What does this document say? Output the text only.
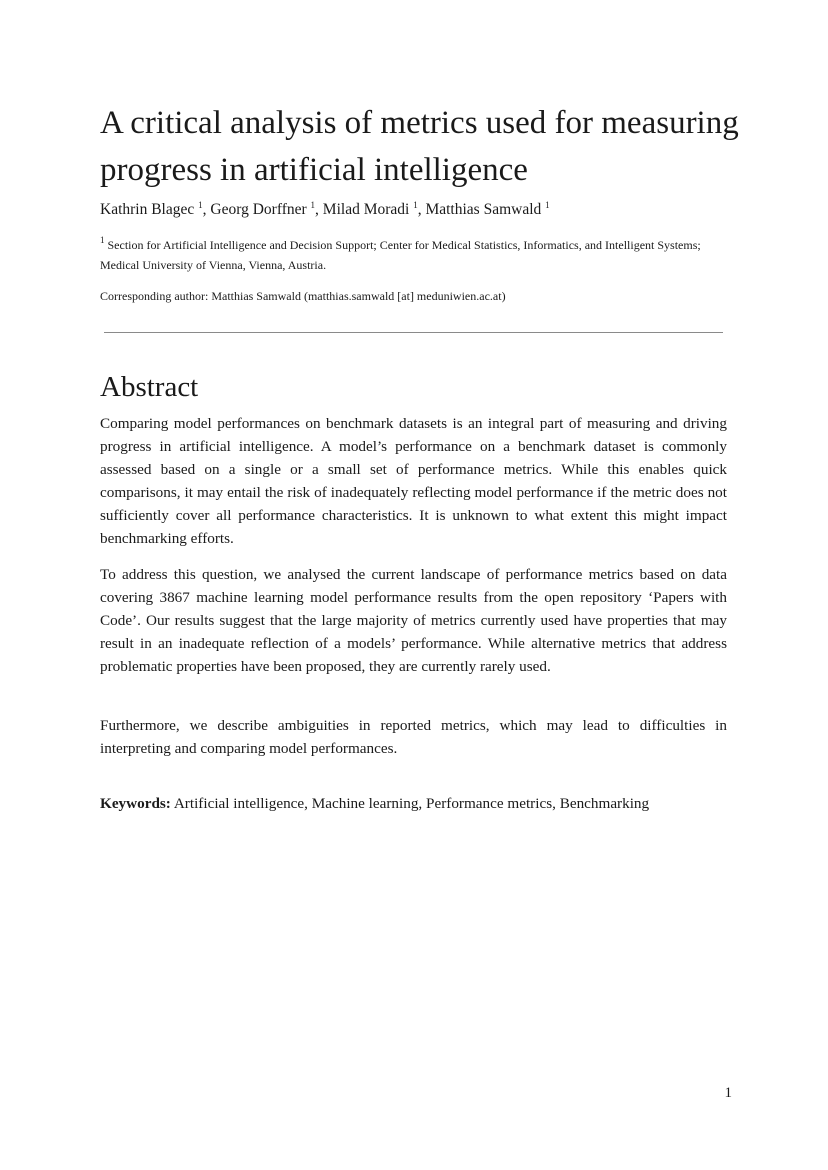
A critical analysis of metrics used for measuring progress in artificial intelligence
Kathrin Blagec $^1$, Georg Dorffner $^1$, Milad Moradi $^1$, Matthias Samwald $^1$
$^1$ Section for Artificial Intelligence and Decision Support; Center for Medical Statistics, Informatics, and Intelligent Systems; Medical University of Vienna, Vienna, Austria.
Corresponding author: Matthias Samwald (matthias.samwald [at] meduniwien.ac.at)
Abstract

Comparing model performances on benchmark datasets is an integral part of measuring and driving progress in artificial intelligence. A model’s performance on a benchmark dataset is commonly assessed based on a single or a small set of performance metrics. While this enables quick comparisons, it may entail the risk of inadequately reflecting model performance if the metric does not sufficiently cover all performance characteristics. It is unknown to what extent this might impact benchmarking efforts.

To address this question, we analysed the current landscape of performance metrics based on data covering 3867 machine learning model performance results from the open repository ‘Papers with Code’. Our results suggest that the large majority of metrics currently used have properties that may result in an inadequate reflection of a models’ performance. While alternative metrics that address problematic properties have been proposed, they are currently rarely used.

Furthermore, we describe ambiguities in reported metrics, which may lead to difficulties in interpreting and comparing model performances.

Keywords: Artificial intelligence, Machine learning, Performance metrics, Benchmarking
1
